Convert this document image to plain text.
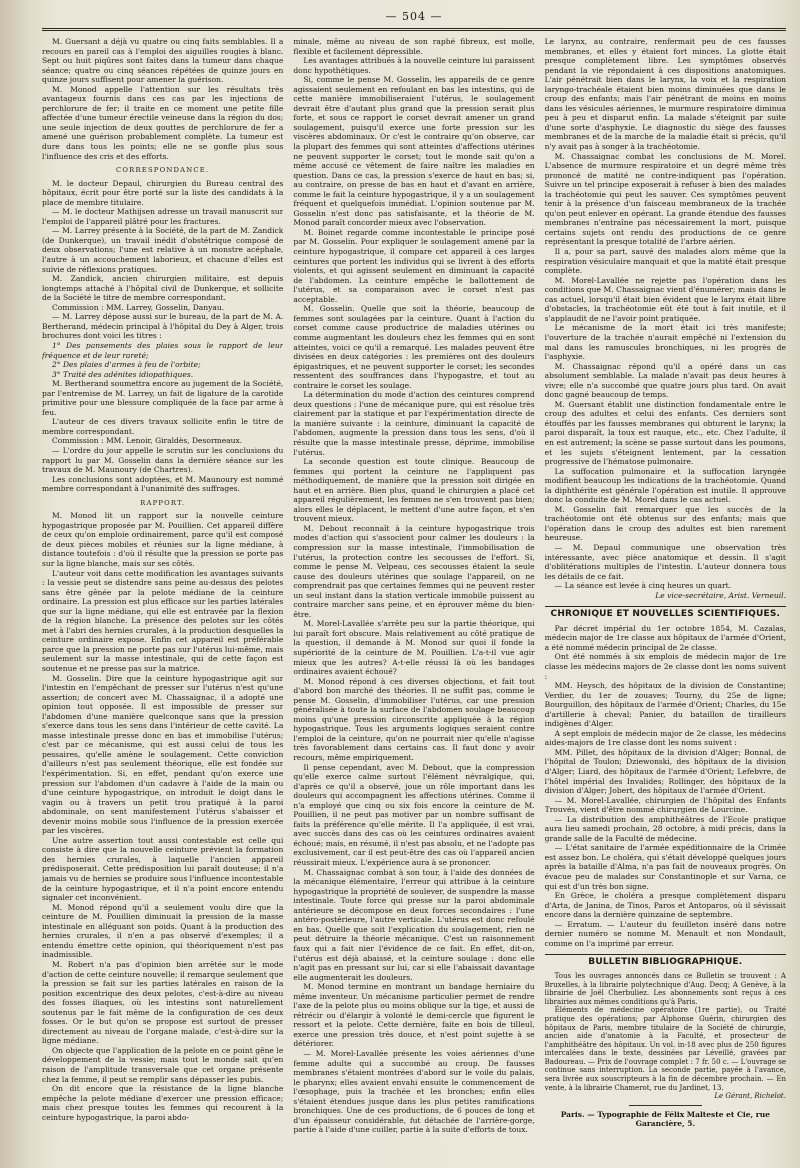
— 504 —

M. Guersant a déjà vu quatre ou cinq faits semblables. Il a recours en pareil cas à l'emploi des aiguilles rougies à blanc. Sept ou huit piqûres sont faites dans la tumeur dans chaque séance; quatre ou cinq séances répétées de quinze jours en quinze jours suffisent pour amener la guérison.

M. Monod appelle l'attention sur les résultats très avantageux fournis dans ces cas par les injections de perchlorure de fer; il traite en ce moment une petite fille affectée d'une tumeur érectile veineuse dans la région du dos; une seule injection de deux gouttes de perchlorure de fer a amené une guérison probablement complète. La tumeur est dure dans tous les points; elle ne se gonfle plus sous l'influence des cris et des efforts.

CORRESPONDANCE.

M. le docteur Depaul, chirurgien du Bureau central des hôpitaux, écrit pour être porté sur la liste des candidats à la place de membre titulaire.

— M. le docteur Mathijsen adresse un travail manuscrit sur l'emploi de l'appareil plâtré pour les fractures.

— M. Larrey présente à la Société, de la part de M. Zandick (de Dunkerque), un travail inédit d'obstétrique composé de deux observations; l'une est relative à un monstre acéphale, l'autre à un accouchement laborieux, et chacune d'elles est suivie de réflexions pratiques.

M. Zandick, ancien chirurgien militaire, est depuis longtemps attaché à l'hôpital civil de Dunkerque, et sollicite de la Société le titre de membre correspondant.

Commission : MM. Larrey, Gosselin, Danyau.

— M. Larrey dépose aussi sur le bureau, de la part de M. A. Bertherand, médecin principal à l'hôpital du Dey à Alger, trois brochures dont voici les titres :

1° Des pansements des plaies sous le rapport de leur fréquence et de leur rareté;

2° Des plaies d'armes à feu de l'orbite;

3° Traité des adénites idiopathiques.

M. Bertherand soumettra encore au jugement de la Société, par l'entremise de M. Larrey, un fait de ligature de la carotide primitive pour une blessure compliquée de la face par arme à feu.

L'auteur de ces divers travaux sollicite enfin le titre de membre correspondant.

Commission : MM. Lenoir, Giraldès, Desormeaux.

— L'ordre du jour appelle le scrutin sur les conclusions du rapport lu par M. Gosselin dans la dernière séance sur les travaux de M. Maunoury (de Chartres).

Les conclusions sont adoptées, et M. Maunoury est nommé membre correspondant à l'unanimité des suffrages.

RAPPORT.

M. Monod lit un rapport sur la nouvelle ceinture hypogastrique proposée par M. Pouillien. Cet appareil diffère de ceux qu'on emploie ordinairement, parce qu'il est composé de deux pièces mobiles et réunies sur la ligne médiane, à distance toutefois : d'où il résulte que la pression se porte pas sur la ligne blanche, mais sur ses côtés.

L'auteur voit dans cette modification les avantages suivants : la vessie peut se distendre sans peine au-dessus des pelotes sans être gênée par la pelote médiane de la ceinture ordinaire. La pression est plus efficace sur les parties latérales que sur la ligne médiane, qui elle est entravée par la flexion de la région blanche. La présence des pelotes sur les côtés met à l'abri des hernies crurales, à la production desquelles la ceinture ordinaire expose. Enfin cet appareil est préférable parce que la pression ne porte pas sur l'utérus lui-même, mais seulement sur la masse intestinale, qui de cette façon est soutenue et ne presse pas sur la matrice.

M. Gosselin. Dire que la ceinture hypogastrique agit sur l'intestin en l'empêchant de presser sur l'utérus n'est qu'une assertion; de concert avec M. Chassaignac, il a adopté une opinion tout opposée. Il est impossible de presser sur l'abdomen d'une manière quelconque sans que la pression s'exerce dans tous les sens dans l'intérieur de cette cavité. La masse intestinale presse donc en bas et immobilise l'utérus; c'est par ce mécanisme, qui est aussi celui de tous les pessaires, qu'elle amène le soulagement. Cette conviction d'ailleurs n'est pas seulement théorique, elle est fondée sur l'expérimentation. Si, en effet, pendant qu'on exerce une pression sur l'abdomen d'un cadavre à l'aide de la main ou d'une ceinture hypogastrique, on introduit le doigt dans le vagin ou à travers un petit trou pratiqué à la paroi abdominale, on sent manifestement l'utérus s'abaisser et devenir moins mobile sous l'influence de la pression exercée par les viscères.

Une autre assertion tout aussi contestable est celle qui consiste à dire que la nouvelle ceinture prévient la formation des hernies crurales, à laquelle l'ancien appareil prédisposerait. Cette prédisposition lui paraît douteuse; il n'a jamais vu de hernies se produire sous l'influence incontestable de la ceinture hypogastrique, et il n'a point encore entendu signaler cet inconvénient.

M. Monod répond qu'il a seulement voulu dire que la ceinture de M. Pouillien diminuait la pression de la masse intestinale en alléguant son poids. Quant à la production des hernies crurales, il n'en a pas observé d'exemples; il a entendu émettre cette opinion, qui théoriquement n'est pas inadmissible.

M. Robert n'a pas d'opinion bien arrêtée sur le mode d'action de cette ceinture nouvelle; il remarque seulement que la pression se fait sur les parties latérales en raison de la position excentrique des deux pelotes, c'est-à-dire au niveau des fosses iliaques, où les intestins sont naturellement soutenus par le fait même de la configuration de ces deux fosses. Or le but qu'on se propose est surtout de presser directement au niveau de l'organe malade, c'est-à-dire sur la ligne médiane.

On objecte que l'application de la pelote en ce point gêne le développement de la vessie; mais tout le monde sait qu'en raison de l'amplitude transversale que cet organe présente chez la femme, il peut se remplir sans dépasser les pubis.

On dit encore que la résistance de la ligne blanche empêche la pelote médiane d'exercer une pression efficace; mais chez presque toutes les femmes qui recourent à la ceinture hypogastrique, la paroi abdo-

minale, même au niveau de son raphé fibreux, est molle, flexible et facilement dépressible.

Les avantages attribués à la nouvelle ceinture lui paraissent donc hypothétiques.

Si, comme le pense M. Gosselin, les appareils de ce genre agissaient seulement en refoulant en bas les intestins, qui de cette manière immobiliseraient l'utérus, le soulagement devrait être d'autant plus grand que la pression serait plus forte, et sous ce rapport le corset devrait amener un grand soulagement, puisqu'il exerce une forte pression sur les viscères abdominaux. Or c'est le contraire qu'on observe, car la plupart des femmes qui sont atteintes d'affections utérines ne peuvent supporter le corset; tout le monde sait qu'on a même accusé ce vêtement de faire naître les maladies en question. Dans ce cas, la pression s'exerce de haut en bas; si, au contraire, on presse de bas en haut et d'avant en arrière, comme le fait la ceinture hypogastrique, il y a un soulagement fréquent et quelquefois immédiat. L'opinion soutenue par M. Gosselin n'est donc pas satisfaisante, et la théorie de M. Monod paraît concorder mieux avec l'observation.

M. Boinet regarde comme incontestable le principe posé par M. Gosselin. Pour expliquer le soulagement amené par la ceinture hypogastrique, il compare cet appareil à ces larges ceintures que portent les individus qui se livrent à des efforts violents, et qui agissent seulement en diminuant la capacité de l'abdomen. La ceinture empêche le ballottement de l'utérus, et sa comparaison avec le corset n'est pas acceptable.

M. Gosselin. Quelle que soit la théorie, beaucoup de femmes sont soulagées par la ceinture. Quant à l'action du corset comme cause productrice de maladies utérines ou comme augmentant les douleurs chez les femmes qui en sont atteintes, voici ce qu'il a remarqué. Les malades peuvent être divisées en deux catégories : les premières ont des douleurs épigastriques, et ne peuvent supporter le corset; les secondes ressentent des souffrances dans l'hypogastre, et tout au contraire le corset les soulage.

La détermination du mode d'action des ceintures comprend deux questions : l'une de mécanique pure, qui est résolue très clairement par la statique et par l'expérimentation directe de la manière suivante : la ceinture, diminuant la capacité de l'abdomen, augmente la pression dans tous les sens, d'où il résulte que la masse intestinale presse, déprime, immobilise l'utérus.

La seconde question est toute clinique. Beaucoup de femmes qui portent la ceinture ne l'appliquent pas méthodiquement, de manière que la pression soit dirigée en haut et en arrière. Bien plus, quand le chirurgien a placé cet appareil régulièrement, les femmes ne s'en trouvent pas bien; alors elles le déplacent, le mettent d'une autre façon, et s'en trouvent mieux.

M. Debout reconnaît à la ceinture hypogastrique trois modes d'action qui s'associent pour calmer les douleurs : la compression sur la masse intestinale, l'immobilisation de l'utérus, la protection contre les secousses de l'effort. Si, comme le pense M. Velpeau, ces secousses étaient la seule cause des douleurs utérines que soulage l'appareil, on ne comprendrait pas que certaines femmes qui ne peuvent rester un seul instant dans la station verticale immobile puissent au contraire marcher sans peine, et en éprouver même du bien-être.

M. Morel-Lavallée s'arrête peu sur la partie théorique, qui lui paraît fort obscure. Mais relativement au côté pratique de la question, il demande à M. Monod sur quoi il fonde la supériorité de la ceinture de M. Pouillien. L'a-t-il vue agir mieux que les autres? A-t-elle réussi là où les bandages ordinaires avaient échoué?

M. Monod répond à ces diverses objections, et fait tout d'abord bon marché des théories. Il ne suffit pas, comme le pense M. Gosselin, d'immobiliser l'utérus, car une pression généralisée à toute la surface de l'abdomen soulage beaucoup moins qu'une pression circonscrite appliquée à la région hypogastrique. Tous les arguments logiques seraient contre l'emploi de la ceinture, qu'on ne pourrait nier qu'elle n'agisse très favorablement dans certains cas. Il faut donc y avoir recours, même empiriquement.

Il pense cependant, avec M. Debout, que la compression qu'elle exerce calme surtout l'élément névralgique, qui, d'après ce qu'il a observé, joue un rôle important dans les douleurs qui accompagnent les affections utérines. Comme il n'a employé que cinq ou six fois encore la ceinture de M. Pouillien, il ne peut pas motiver par un nombre suffisant de faits la préférence qu'elle mérite. Il l'a appliquée, il est vrai, avec succès dans des cas où les ceintures ordinaires avaient échoué; mais, en résumé, il n'est pas absolu, et ne l'adopte pas exclusivement, car il est peut-être des cas où l'appareil ancien réussirait mieux. L'expérience aura à se prononcer.

M. Chassaignac combat à son tour, à l'aide des données de la mécanique élémentaire, l'erreur qui attribue à la ceinture hypogastrique la propriété de soulever, de suspendre la masse intestinale. Toute force qui presse sur la paroi abdominale antérieure se décompose en deux forces secondaires : l'une antéro-postérieure, l'autre verticale. L'utérus est donc refoulé en bas. Quelle que soit l'explication du soulagement, rien ne peut détruire la théorie mécanique. C'est un raisonnement faux qui a fait nier l'évidence de ce fait. En effet, dit-on, l'utérus est déjà abaissé, et la ceinture soulage : donc elle n'agit pas en pressant sur lui, car si elle l'abaissait davantage elle augmenterait les douleurs.

M. Monod termine en montrant un bandage herniaire du même inventeur. Un mécanisme particulier permet de rendre l'axe de la pelote plus ou moins oblique sur la tige, et aussi de rétrécir ou d'élargir à volonté le demi-cercle que figurent le ressort et la pelote. Cette dernière, faite en bois de tilleul, exerce une pression très douce, et n'est point sujette à se détériorer.

— M. Morel-Lavallée présente les voies aériennes d'une femme adulte qui a succombé au croup. De fausses membranes s'étaient montrées d'abord sur le voile du palais, le pharynx; elles avaient envahi ensuite le commencement de l'œsophage, puis la trachée et les bronches; enfin elles s'étaient étendues jusque dans les plus petites ramifications bronchiques. Une de ces productions, de 6 pouces de long et d'un épaisseur considérable, fut détachée de l'arrière-gorge, partie à l'aide d'une cuiller, partie à la suite d'efforts de toux.

Le larynx, au contraire, renfermait peu de ces fausses membranes, et elles y étaient fort minces. La glotte était presque complètement libre. Les symptômes observés pendant la vie répondaient à ces dispositions anatomiques. L'air pénétrait bien dans le larynx, la voix et la respiration laryngo-trachéale étaient bien moins diminuées que dans le croup des enfants; mais l'air pénétrant de moins en moins dans les vésicules aériennes, le murmure respiratoire diminua peu à peu et disparut enfin. La malade s'éteignit par suite d'une sorte d'asphyxie. Le diagnostic du siège des fausses membranes et de la marche de la maladie était si précis, qu'il n'y avait pas à songer à la trachéotomie.

M. Chassaignac combat les conclusions de M. Morel. L'absence de murmure respiratoire et un degré même très prononcé de matité ne contre-indiquent pas l'opération. Suivre un tel principe exposerait à refuser à bien des malades la trachéotomie qui peut les sauver. Ces symptômes peuvent tenir à la présence d'un faisceau membraneux de la trachée qu'on peut enlever en opérant. La grande étendue des fausses membranes n'entraîne pas nécessairement la mort, puisque certains sujets ont rendu des productions de ce genre représentant la presque totalité de l'arbre aérien.

Il a, pour sa part, sauvé des malades alors même que la respiration vésiculaire manquait et que la matité était presque complète.

M. Morel-Lavallée ne rejette pas l'opération dans les conditions que M. Chassaignac vient d'énumérer; mais dans le cas actuel, lorsqu'il était bien évident que le larynx était libre d'obstacles, la trachéotomie eût été tout à fait inutile, et il s'applaudit de ne l'avoir point pratiquée.

Le mécanisme de la mort était ici très manifeste; l'ouverture de la trachée n'aurait empêché ni l'extension du mal dans les ramuscules bronchiques, ni les progrès de l'asphyxie.

M. Chassaignac répond qu'il a opéré dans un cas absolument semblable. La malade n'avait pas deux heures à vivre; elle n'a succombé que quatre jours plus tard. On avait donc gagné beaucoup de temps.

M. Guersant établit une distinction fondamentale entre le croup des adultes et celui des enfants. Ces derniers sont étouffés par les fausses membranes qui obturent le larynx; la paroi disparaît, la toux est rauque, etc., etc. Chez l'adulte, il en est autrement; la scène se passe surtout dans les poumons, et les sujets s'éteignent lentement, par la cessation progressive de l'hématose pulmonaire.

La suffocation pulmonaire et la suffocation laryngée modifient beaucoup les indications de la trachéotomie. Quand la diphthérite est générale l'opération est inutile. Il approuve donc la conduite de M. Morel dans le cas actuel.

M. Gosselin fait remarquer que les succès de la trachéotomie ont été obtenus sur des enfants; mais que l'opération dans le croup des adultes est bien rarement heureuse.

— M. Depaul communique une observation très intéressante, avec pièce anatomique et dessin. Il s'agit d'oblitérations multiples de l'intestin. L'auteur donnera tous les détails de ce fait.

— La séance est levée à cinq heures un quart.

Le vice-secrétaire, Arist. Verneuil.

CHRONIQUE ET NOUVELLES SCIENTIFIQUES.

Par décret impérial du 1er octobre 1854, M. Cazalas, médecin major de 1re classe aux hôpitaux de l'armée d'Orient, a été nommé médecin principal de 2e classe.

Ont été nommés à six emplois de médecin major de 1re classe les médecins majors de 2e classe dont les noms suivent :

MM. Heysch, des hôpitaux de la division de Constantine; Verdier, du 1er de zouaves; Tourny, du 25e de ligne; Bourguillon, des hôpitaux de l'armée d'Orient; Charles, du 15e d'artillerie à cheval; Panier, du bataillon de tirailleurs indigènes d'Alger.

A sept emplois de médecin major de 2e classe, les médecins aides-majors de 1re classe dont les noms suivent :

MM. Pillet, des hôpitaux de la division d'Alger; Bonnal, de l'hôpital de Toulon; Dziewonski, des hôpitaux de la division d'Alger; Liard, des hôpitaux de l'armée d'Orient; Lefebvre, de l'hôtel impérial des Invalides; Rollinger, des hôpitaux de la division d'Alger; Jobert, des hôpitaux de l'armée d'Orient.

— M. Morel-Lavallée, chirurgien de l'hôpital des Enfants Trouvés, vient d'être nommé chirurgien de Lourcine.

— La distribution des amphithéâtres de l'Ecole pratique aura lieu samedi prochain, 28 octobre, à midi précis, dans la grande salle de la Faculté de médecine.

— L'état sanitaire de l'armée expéditionnaire de la Crimée est assez bon. Le choléra, qui s'était développé quelques jours après la bataille d'Alma, n'a pas fait de nouveaux progrès. On évacue peu de malades sur Constantinople et sur Varna, ce qui est d'un très bon signe.

En Grèce, le choléra a presque complètement disparu d'Arta, de Janina, de Tinos, Paros et Antoparos, où il sévissait encore dans la dernière quinzaine de septembre.

— Erratum. — L'auteur du feuilleton inséré dans notre dernier numéro se nomme M. Menault et non Mondault, comme on l'a imprimé par erreur.

BULLETIN BIBLIOGRAPHIQUE.

Tous les ouvrages annoncés dans ce Bulletin se trouvent : A Bruxelles, à la librairie polytechnique d'Aug. Decq; A Genève, à la librairie de Joël Cherbuliez. Les abonnements sont reçus à ces librairies aux mêmes conditions qu'à Paris.

Éléments de médecine opératoire (1re partie), ou Traité pratique des opérations; par Alphonse Guérin, chirurgien des hôpitaux de Paris, membre titulaire de la Société de chirurgie, ancien aide d'anatomie à la Faculté, et prosecteur de l'amphithéâtre des hôpitaux. Un vol. in-18 avec plus de 250 figures intercalées dans le texte, dessinées par Léveillé, gravées par Badoureau. — Prix de l'ouvrage complet : 7 fr. 50 c. — L'ouvrage se continue sans interruption. La seconde partie, payée à l'avance, sera livrée aux souscripteurs à la fin de décembre prochain. — En vente, à la librairie Chamerot, rue du Jardinet, 13.

Le Gérant, Richelot.

Paris. — Typographie de Félix Malteste et Cie, rue Garancière, 5.
